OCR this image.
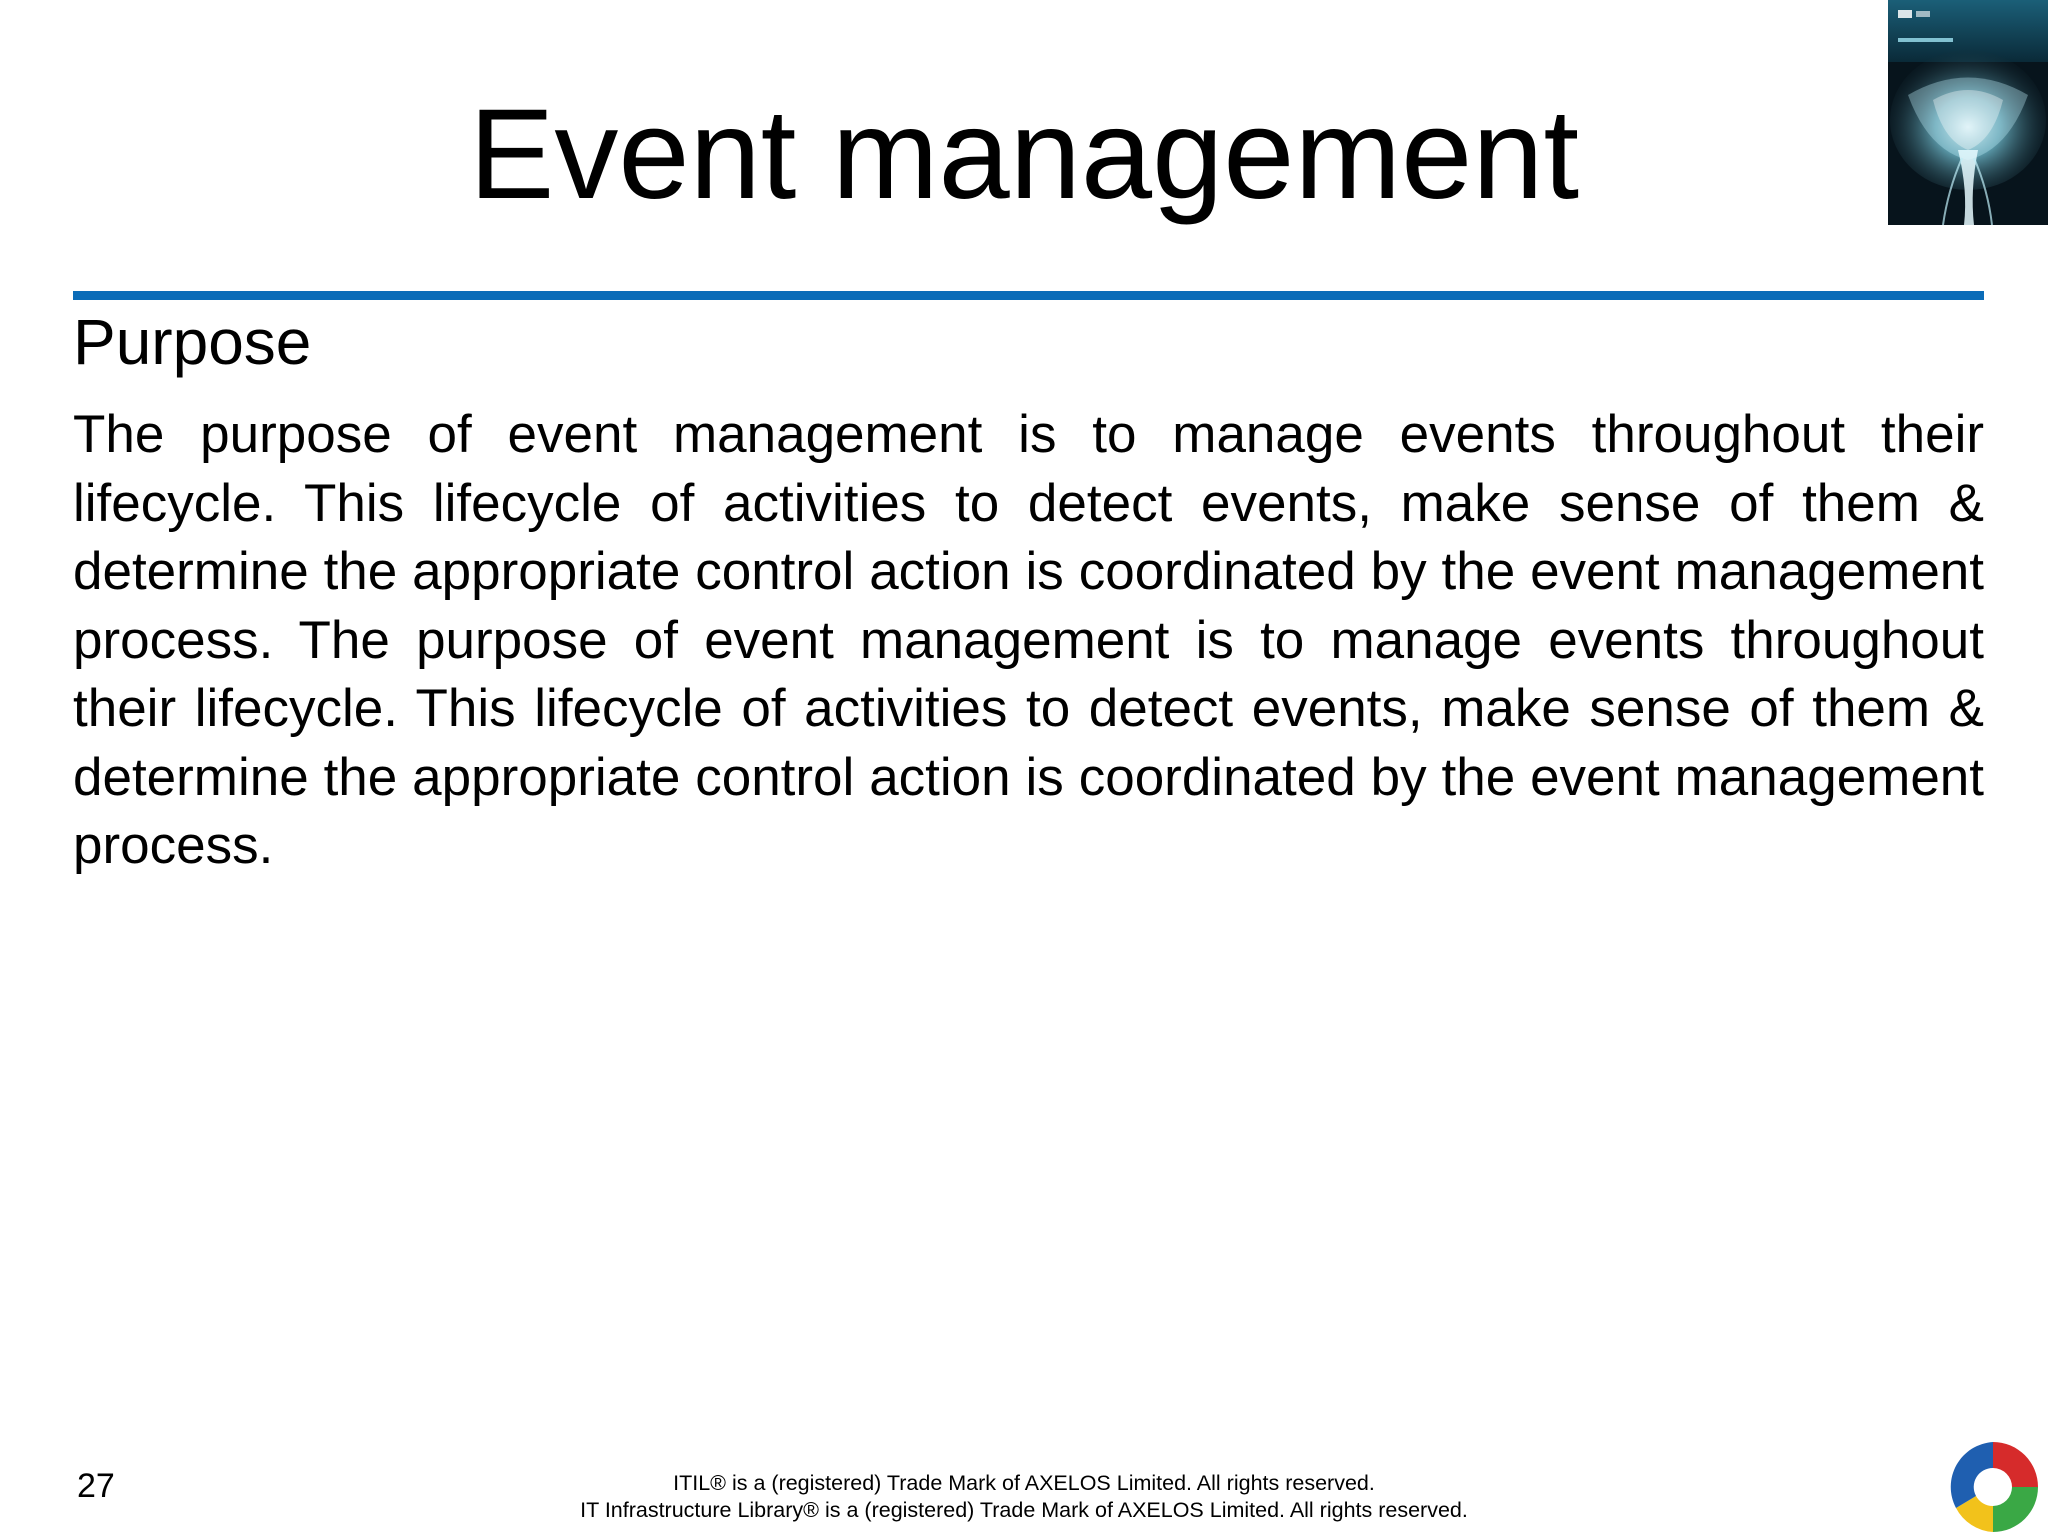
Event management
Purpose

The purpose of event management is to manage events throughout their lifecycle. This lifecycle of activities to detect events, make sense of them & determine the appropriate control action is coordinated by the event management process. The purpose of event management is to manage events throughout their lifecycle. This lifecycle of activities to detect events, make sense of them & determine the appropriate control action is coordinated by the event management process.

27	ITIL® is a (registered) Trade Mark of AXELOS Limited. All rights reserved.
IT Infrastructure Library® is a (registered) Trade Mark of AXELOS Limited. All rights reserved.
